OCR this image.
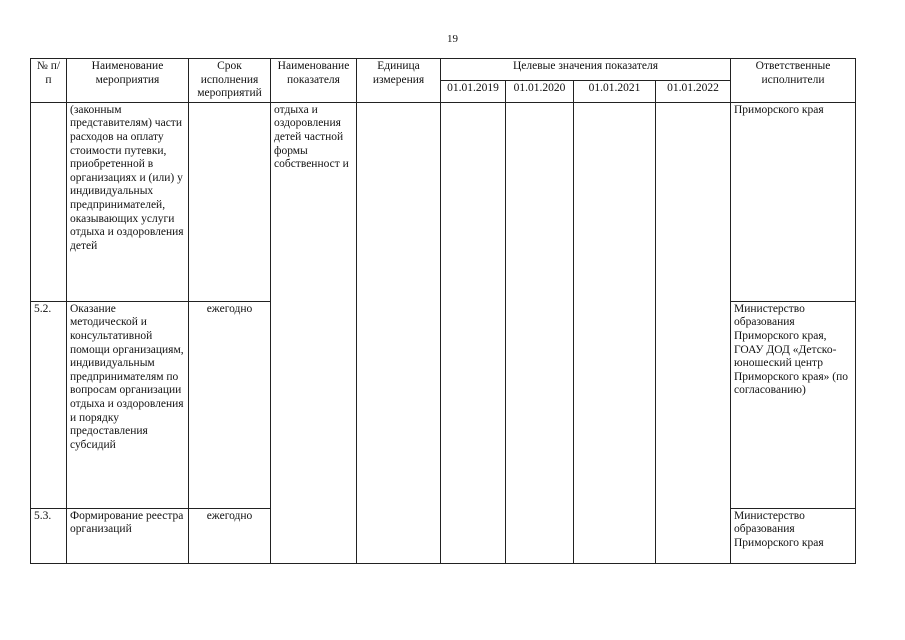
19
№ п/п	Наименование мероприятия	Срок исполнения мероприятий	Наименование показателя	Единица измерения	Целевые значения показателя				Ответственные исполнители
					01.01.2019	01.01.2020	01.01.2021	01.01.2022	
	(законным представителям) части расходов на оплату стоимости путевки, приобретенной в организациях и (или) у индивидуальных предпринимателей, оказывающих услуги отдыха и оздоровления детей		отдыха и оздоровления детей частной формы собственност и						Приморского края
5.2.	Оказание методической и консультативной помощи организациям, индивидуальным предпринимателям по вопросам организации отдыха и оздоровления и порядку предоставления субсидий	ежегодно							Министерство образования Приморского края, ГОАУ ДОД «Детско-юношеский центр Приморского края» (по согласованию)
5.3.	Формирование реестра организаций	ежегодно							Министерство образования Приморского края
